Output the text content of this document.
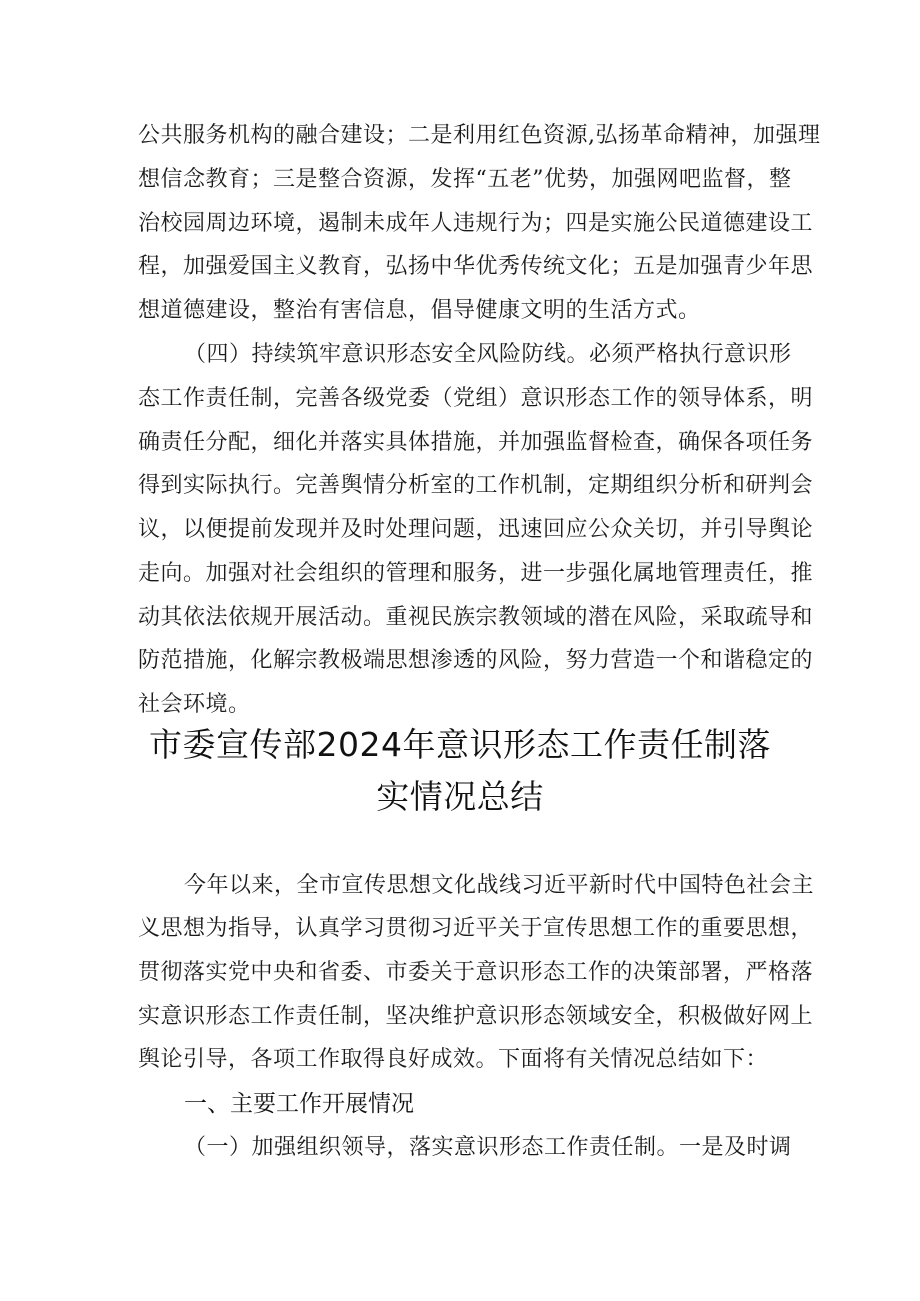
公共服务机构的融合建设；二是利用红色资源,弘扬革命精神，加强理
想信念教育；三是整合资源，发挥“五老”优势，加强网吧监督，整
治校园周边环境，遏制未成年人违规行为；四是实施公民道德建设工
程，加强爱国主义教育，弘扬中华优秀传统文化；五是加强青少年思
想道德建设，整治有害信息，倡导健康文明的生活方式。
（四）持续筑牢意识形态安全风险防线。必须严格执行意识形
态工作责任制，完善各级党委（党组）意识形态工作的领导体系，明
确责任分配，细化并落实具体措施，并加强监督检查，确保各项任务
得到实际执行。完善舆情分析室的工作机制，定期组织分析和研判会
议，以便提前发现并及时处理问题，迅速回应公众关切，并引导舆论
走向。加强对社会组织的管理和服务，进一步强化属地管理责任，推
动其依法依规开展活动。重视民族宗教领域的潜在风险，采取疏导和
防范措施，化解宗教极端思想渗透的风险，努力营造一个和谐稳定的
社会环境。
市委宣传部2024年意识形态工作责任制落
实情况总结
今年以来，全市宣传思想文化战线习近平新时代中国特色社会主
义思想为指导，认真学习贯彻习近平关于宣传思想工作的重要思想，
贯彻落实党中央和省委、市委关于意识形态工作的决策部署，严格落
实意识形态工作责任制，坚决维护意识形态领域安全，积极做好网上
舆论引导，各项工作取得良好成效。下面将有关情况总结如下：
一、主要工作开展情况
（一）加强组织领导，落实意识形态工作责任制。一是及时调
